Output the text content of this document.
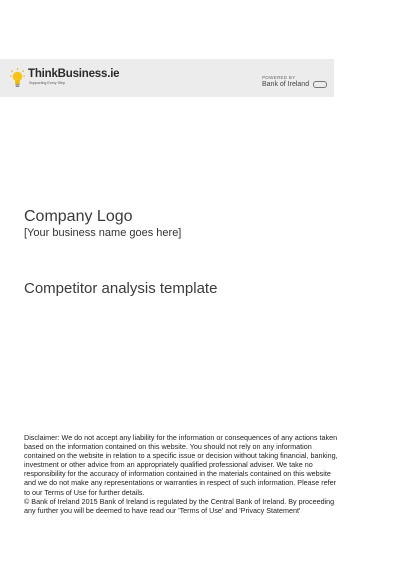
ThinkBusiness.ie
Supporting Every Step
POWERED BY
Bank of Ireland
Company Logo
[Your business name goes here]
Competitor analysis template

Disclaimer: We do not accept any liability for the information or consequences of any actions taken

based on the information contained on this website. You should not rely on any information

contained on the website in relation to a specific issue or decision without taking financial, banking,

investment or other advice from an appropriately qualified professional adviser. We take no

responsibility for the accuracy of information contained in the materials contained on this website

and we do not make any representations or warranties in respect of such information. Please refer

to our Terms of Use for further details.

© Bank of Ireland 2015 Bank of Ireland is regulated by the Central Bank of Ireland. By proceeding

any further you will be deemed to have read our 'Terms of Use' and 'Privacy Statement'
